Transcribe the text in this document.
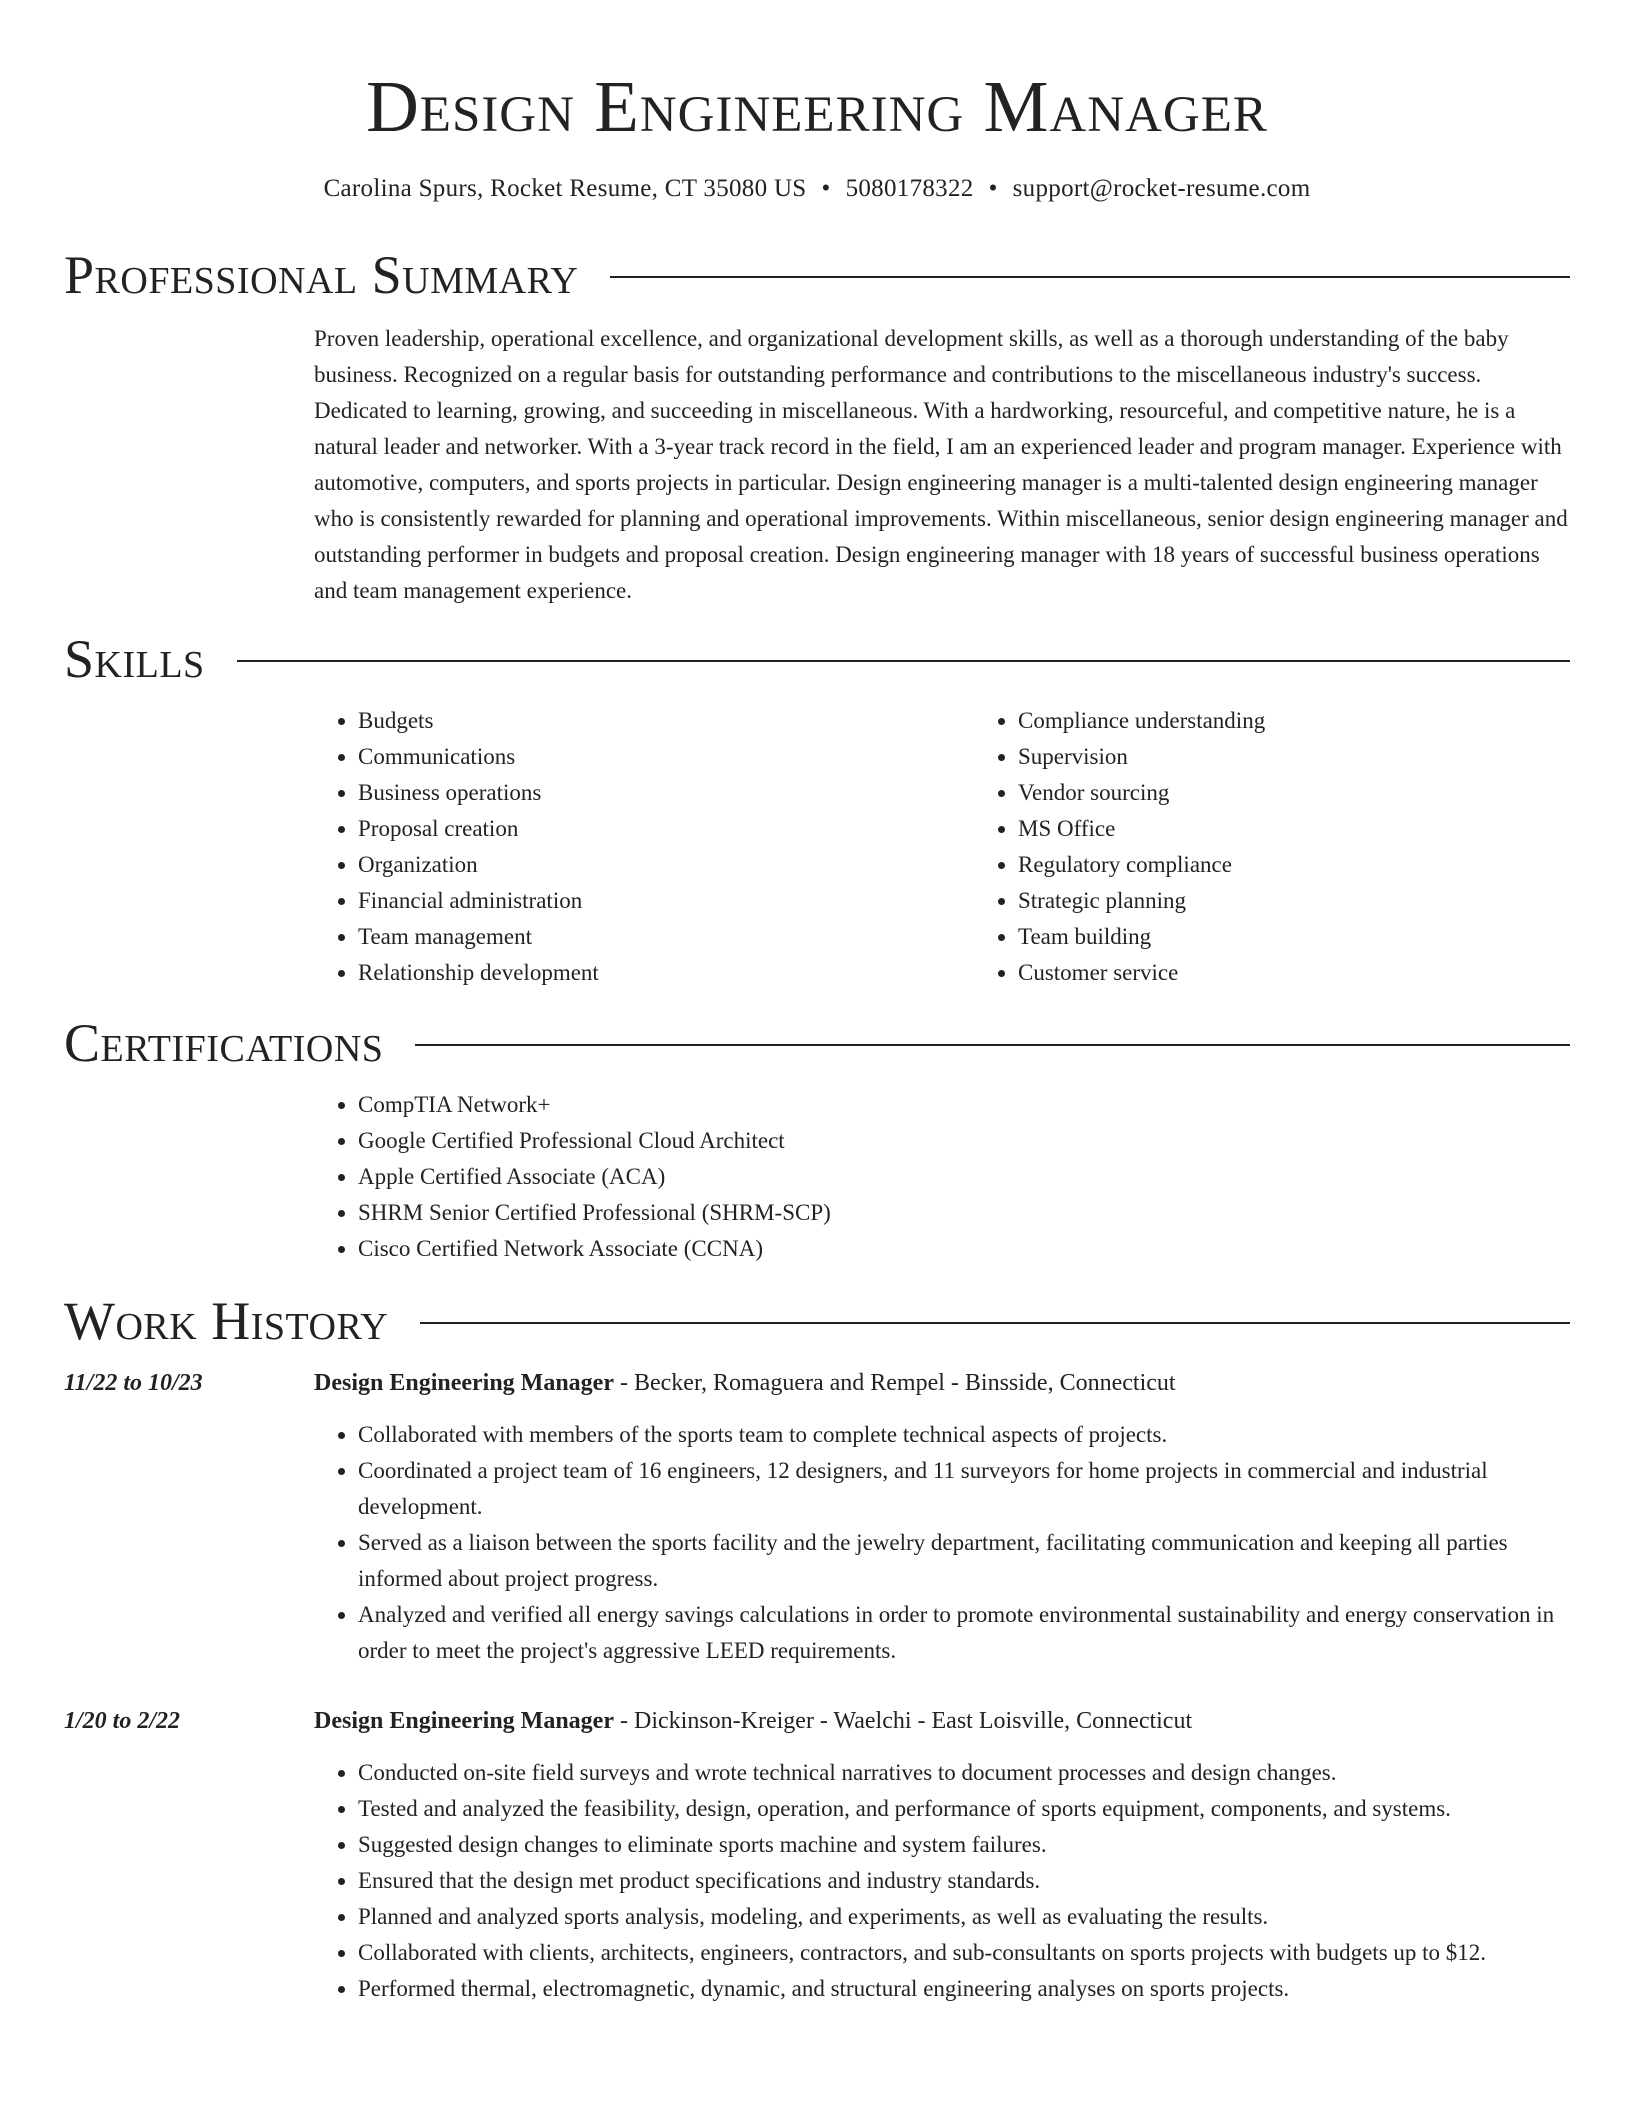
Design Engineering Manager
Carolina Spurs, Rocket Resume, CT 35080 US • 5080178322 • support@rocket-resume.com
Professional Summary

Proven leadership, operational excellence, and organizational development skills, as well as a thorough understanding of the baby business. Recognized on a regular basis for outstanding performance and contributions to the miscellaneous industry's success. Dedicated to learning, growing, and succeeding in miscellaneous. With a hardworking, resourceful, and competitive nature, he is a natural leader and networker. With a 3-year track record in the field, I am an experienced leader and program manager. Experience with automotive, computers, and sports projects in particular. Design engineering manager is a multi-talented design engineering manager who is consistently rewarded for planning and operational improvements. Within miscellaneous, senior design engineering manager and outstanding performer in budgets and proposal creation. Design engineering manager with 18 years of successful business operations and team management experience.

Skills
• Budgets
• Communications
• Business operations
• Proposal creation
• Organization
• Financial administration
• Team management
• Relationship development
• Compliance understanding
• Supervision
• Vendor sourcing
• MS Office
• Regulatory compliance
• Strategic planning
• Team building
• Customer service
Certifications
• CompTIA Network+
• Google Certified Professional Cloud Architect
• Apple Certified Associate (ACA)
• SHRM Senior Certified Professional (SHRM-SCP)
• Cisco Certified Network Associate (CCNA)
Work History
11/22 to 10/23	Design Engineering Manager - Becker, Romaguera and Rempel - Binsside, Connecticut
• Collaborated with members of the sports team to complete technical aspects of projects.
• Coordinated a project team of 16 engineers, 12 designers, and 11 surveyors for home projects in commercial and industrial development.
• Served as a liaison between the sports facility and the jewelry department, facilitating communication and keeping all parties informed about project progress.
• Analyzed and verified all energy savings calculations in order to promote environmental sustainability and energy conservation in order to meet the project's aggressive LEED requirements.
1/20 to 2/22	Design Engineering Manager - Dickinson-Kreiger - Waelchi - East Loisville, Connecticut
• Conducted on-site field surveys and wrote technical narratives to document processes and design changes.
• Tested and analyzed the feasibility, design, operation, and performance of sports equipment, components, and systems.
• Suggested design changes to eliminate sports machine and system failures.
• Ensured that the design met product specifications and industry standards.
• Planned and analyzed sports analysis, modeling, and experiments, as well as evaluating the results.
• Collaborated with clients, architects, engineers, contractors, and sub-consultants on sports projects with budgets up to $12.
• Performed thermal, electromagnetic, dynamic, and structural engineering analyses on sports projects.
